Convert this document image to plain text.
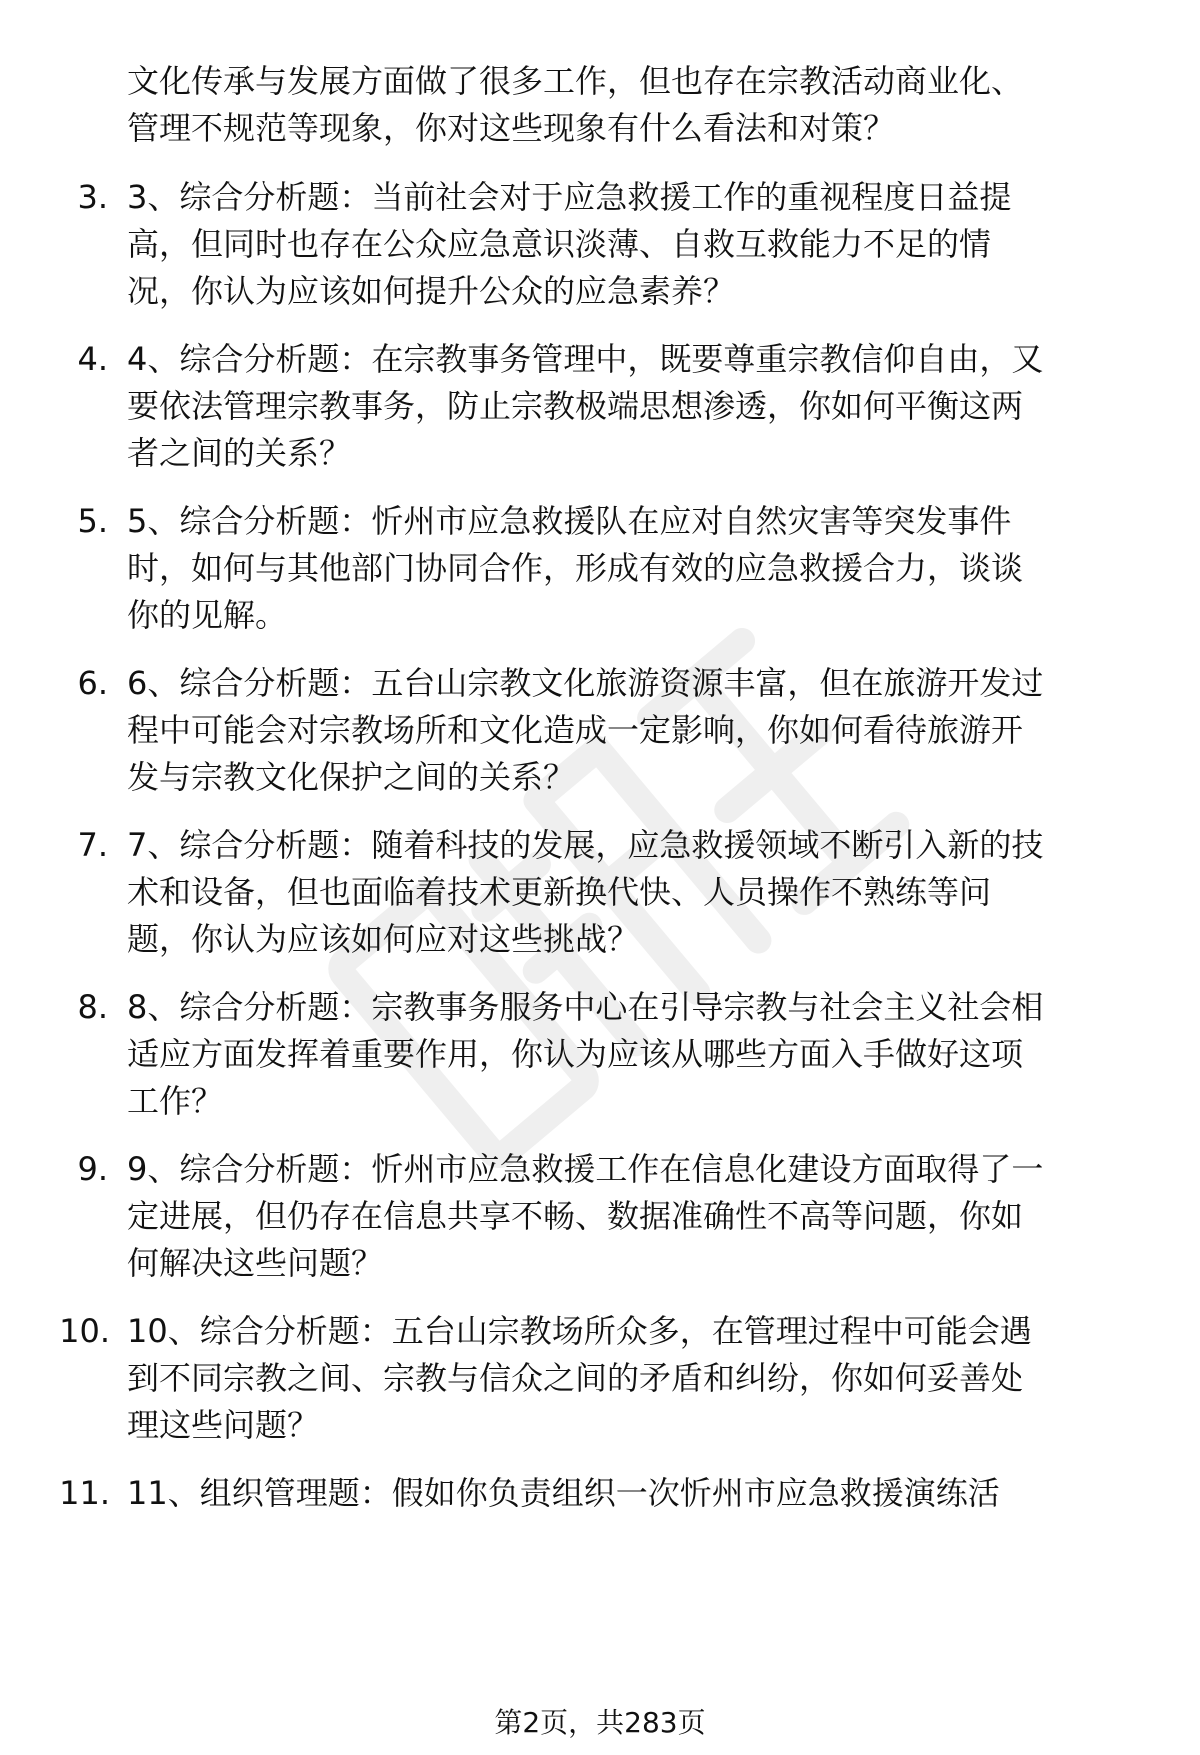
文化传承与发展方面做了很多工作，但也存在宗教活动商业化、
管理不规范等现象，你对这些现象有什么看法和对策？
3. 3、综合分析题：当前社会对于应急救援工作的重视程度日益提
高，但同时也存在公众应急意识淡薄、自救互救能力不足的情
况，你认为应该如何提升公众的应急素养？
4. 4、综合分析题：在宗教事务管理中，既要尊重宗教信仰自由，又
要依法管理宗教事务，防止宗教极端思想渗透，你如何平衡这两
者之间的关系？
5. 5、综合分析题：忻州市应急救援队在应对自然灾害等突发事件
时，如何与其他部门协同合作，形成有效的应急救援合力，谈谈
你的见解。
6. 6、综合分析题：五台山宗教文化旅游资源丰富，但在旅游开发过
程中可能会对宗教场所和文化造成一定影响，你如何看待旅游开
发与宗教文化保护之间的关系？
7. 7、综合分析题：随着科技的发展，应急救援领域不断引入新的技
术和设备，但也面临着技术更新换代快、人员操作不熟练等问
题，你认为应该如何应对这些挑战？
8. 8、综合分析题：宗教事务服务中心在引导宗教与社会主义社会相
适应方面发挥着重要作用，你认为应该从哪些方面入手做好这项
工作？
9. 9、综合分析题：忻州市应急救援工作在信息化建设方面取得了一
定进展，但仍存在信息共享不畅、数据准确性不高等问题，你如
何解决这些问题？
10. 10、综合分析题：五台山宗教场所众多，在管理过程中可能会遇
到不同宗教之间、宗教与信众之间的矛盾和纠纷，你如何妥善处
理这些问题？
11. 11、组织管理题：假如你负责组织一次忻州市应急救援演练活
第2页，共283页
